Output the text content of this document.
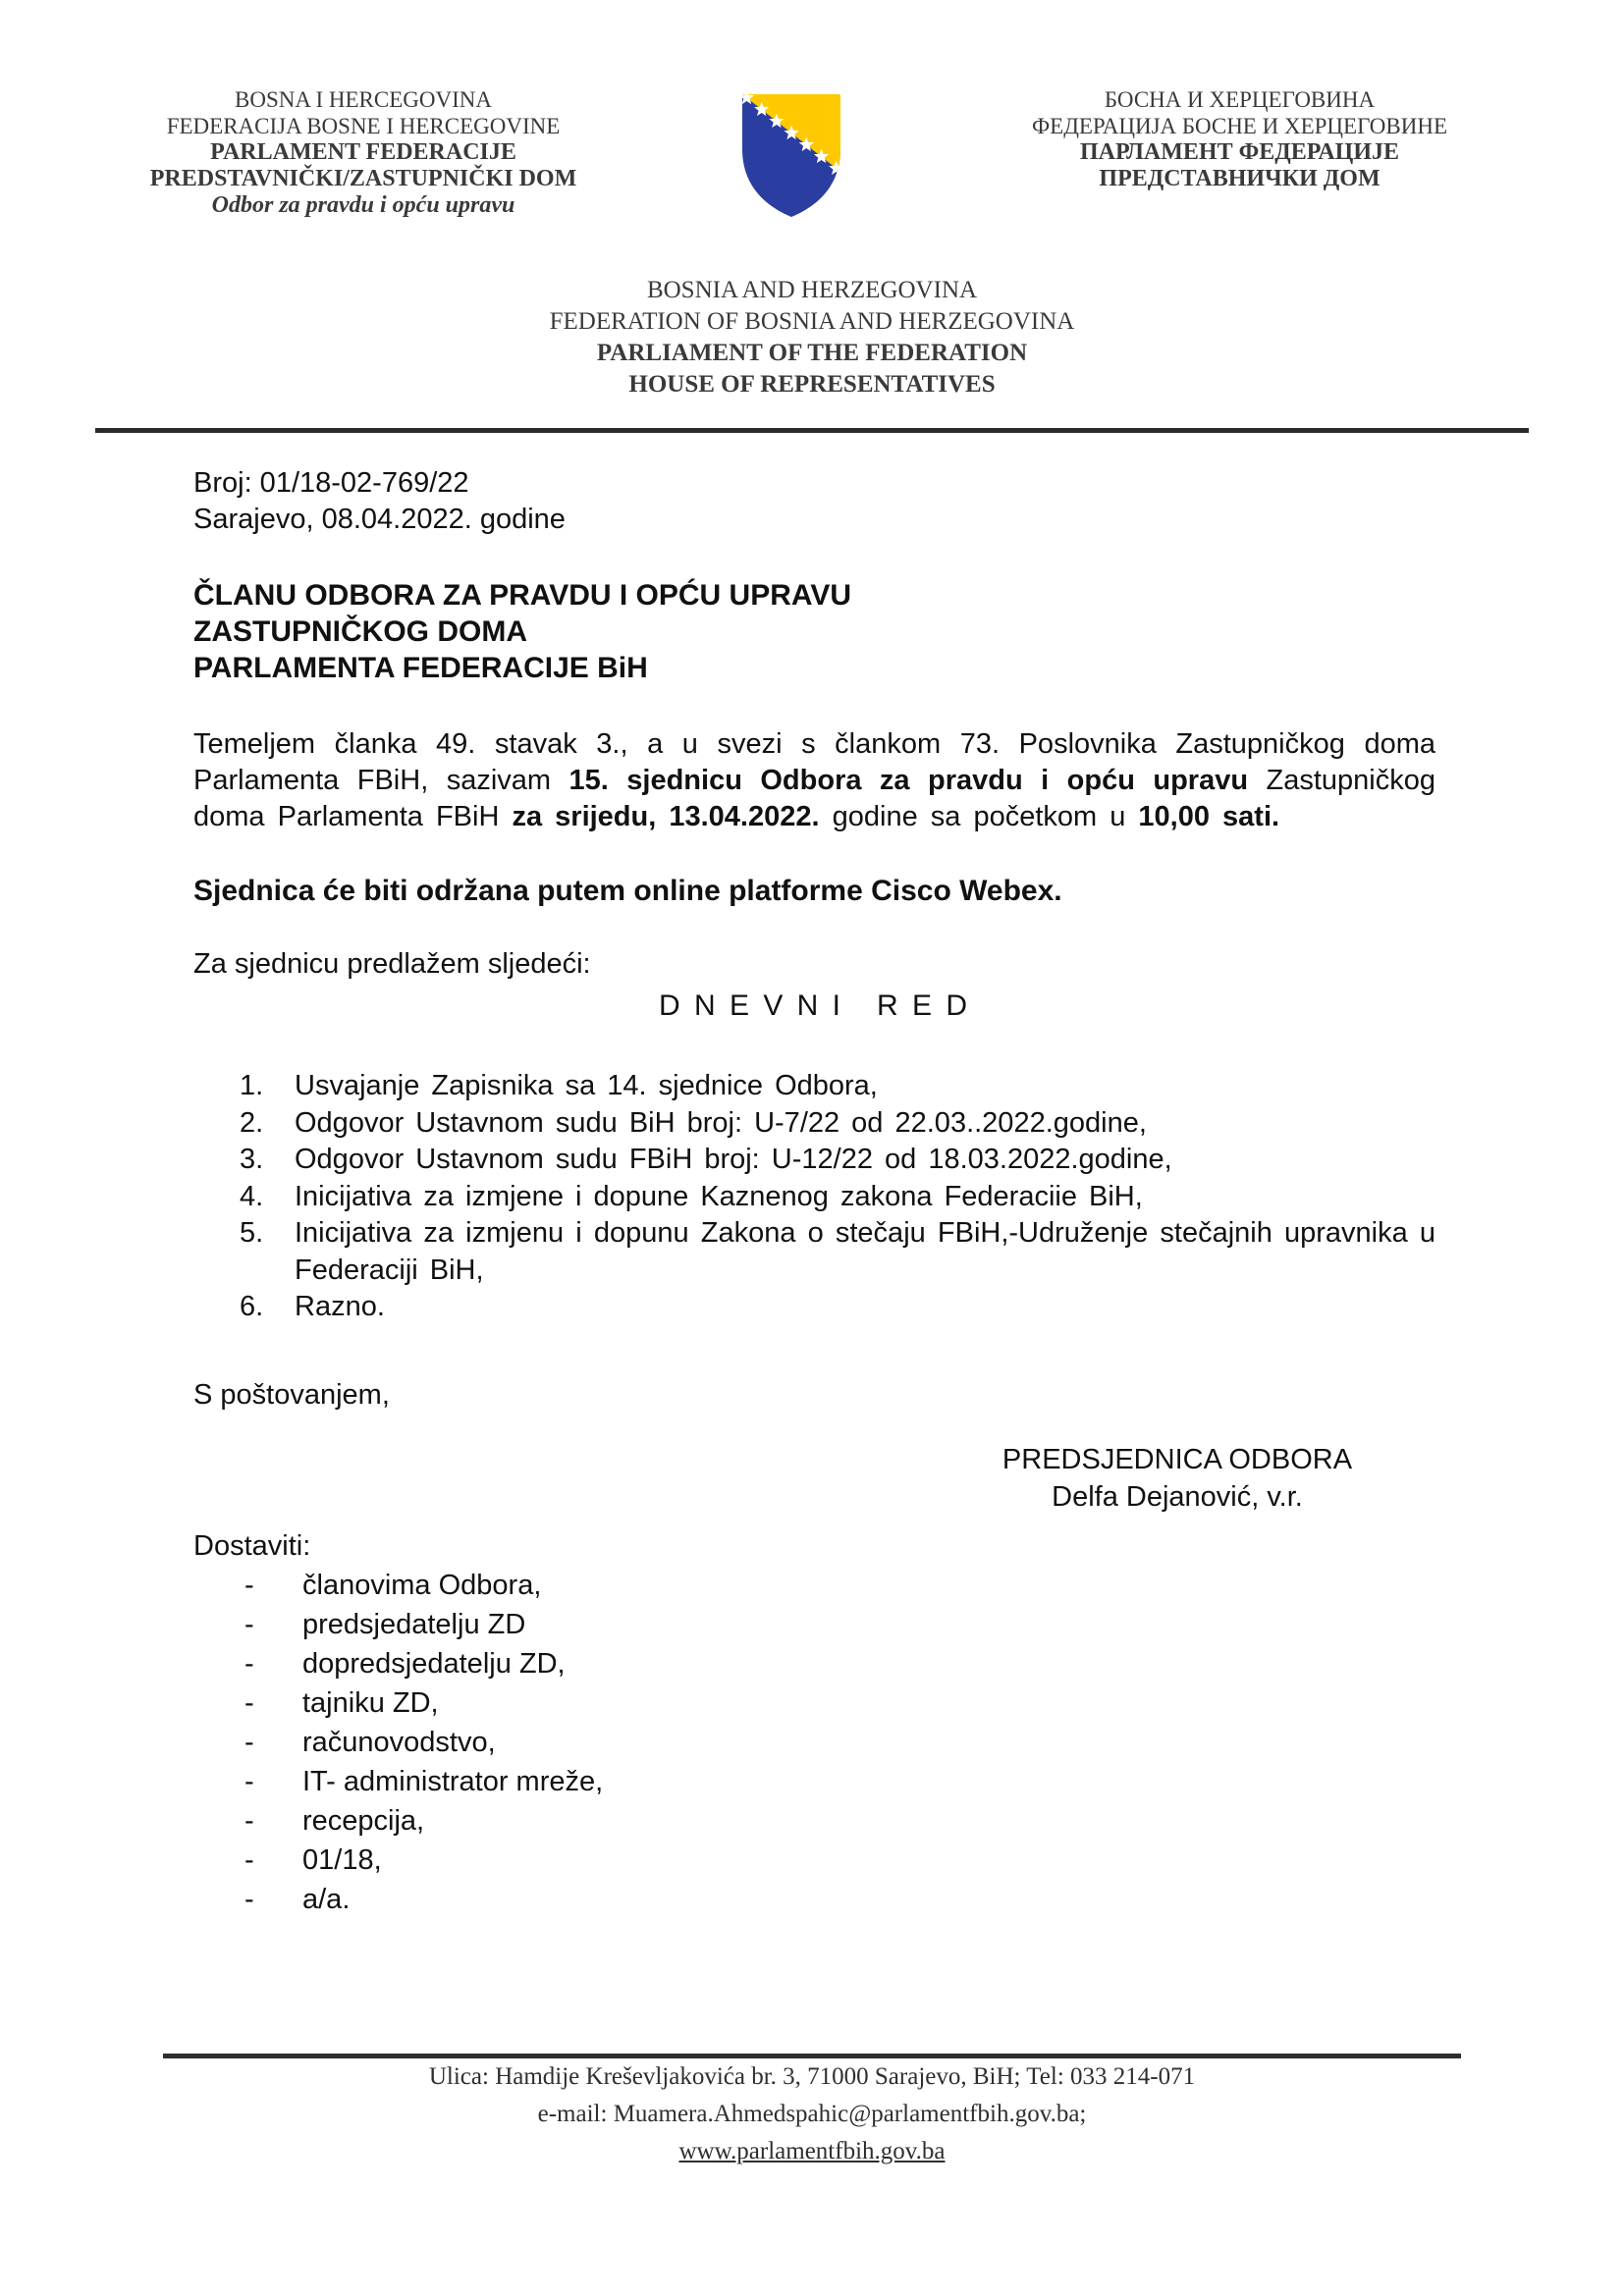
BOSNA I HERCEGOVINA
FEDERACIJA BOSNE I HERCEGOVINE
PARLAMENT FEDERACIJE
PREDSTAVNIČKI/ZASTUPNIČKI DOM
Odbor za pravdu i opću upravu
БОСНА И ХЕРЦЕГОВИНА
ФЕДЕРАЦИЈА БОСНЕ И ХЕРЦЕГОВИНЕ
ПАРЛАМЕНТ ФЕДЕРАЦИЈЕ
ПРЕДСТАВНИЧКИ ДОМ
BOSNIA AND HERZEGOVINA
FEDERATION OF BOSNIA AND HERZEGOVINA
PARLIAMENT OF THE FEDERATION
HOUSE OF REPRESENTATIVES
Broj: 01/18-02-769/22
Sarajevo, 08.04.2022. godine
ČLANU ODBORA ZA PRAVDU I OPĆU UPRAVU
ZASTUPNIČKOG DOMA
PARLAMENTA FEDERACIJE BiH

Temeljem članka 49. stavak 3., a u svezi s člankom 73. Poslovnika Zastupničkog doma Parlamenta FBiH, sazivam 15. sjednicu Odbora za pravdu i opću upravu Zastupničkog doma Parlamenta FBiH za srijedu, 13.04.2022. godine sa početkom u 10,00 sati.

Sjednica će biti održana putem online platforme Cisco Webex.
Za sjednicu predlažem sljedeći:
D N E V N I   R E D
1.	Usvajanje Zapisnika sa 14. sjednice Odbora,
2.	Odgovor Ustavnom sudu BiH broj: U-7/22 od 22.03..2022.godine,
3.	Odgovor Ustavnom sudu FBiH broj: U-12/22 od 18.03.2022.godine,
4.	Inicijativa za izmjene i dopune Kaznenog zakona Federaciie BiH,
5.	Inicijativa za izmjenu i dopunu Zakona o stečaju FBiH,-Udruženje stečajnih upravnika u Federaciji BiH,
6.	Razno.
S poštovanjem,
PREDSJEDNICA ODBORA
Delfa Dejanović, v.r.
Dostaviti:
-	članovima Odbora,
-	predsjedatelju ZD
-	dopredsjedatelju ZD,
-	tajniku ZD,
-	računovodstvo,
-	IT- administrator mreže,
-	recepcija,
-	01/18,
-	a/a.
Ulica: Hamdije Kreševljakovića br. 3, 71000 Sarajevo, BiH; Tel: 033 214-071
e-mail: Muamera.Ahmedspahic@parlamentfbih.gov.ba;
www.parlamentfbih.gov.ba
